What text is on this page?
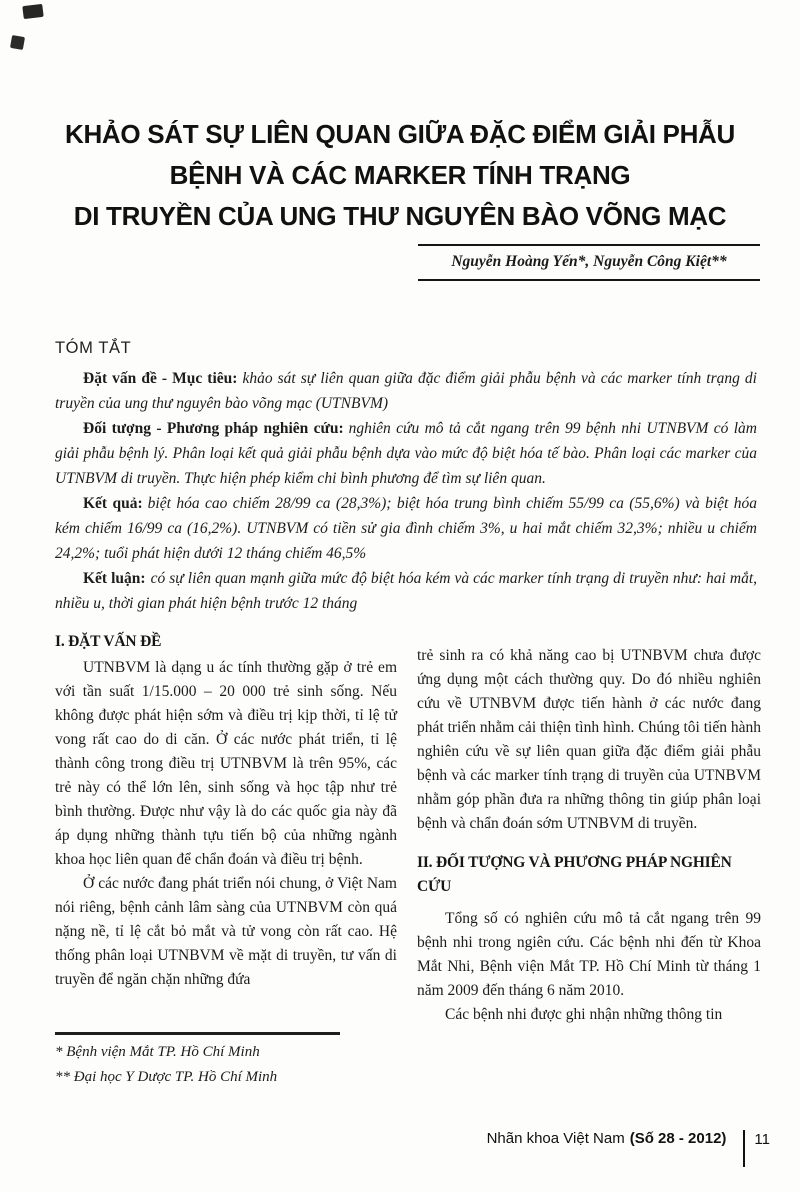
KHẢO SÁT SỰ LIÊN QUAN GIỮA ĐẶC ĐIỂM GIẢI PHẪU
BỆNH VÀ CÁC MARKER TÍNH TRẠNG
DI TRUYỀN CỦA UNG THƯ NGUYÊN BÀO VÕNG MẠC
Nguyễn Hoàng Yến*, Nguyễn Công Kiệt**
TÓM TẮT

Đặt vấn đề - Mục tiêu: khảo sát sự liên quan giữa đặc điểm giải phẫu bệnh và các marker tính trạng di truyền của ung thư nguyên bào võng mạc (UTNBVM)

Đối tượng - Phương pháp nghiên cứu: nghiên cứu mô tả cắt ngang trên 99 bệnh nhi UTNBVM có làm giải phẫu bệnh lý. Phân loại kết quả giải phẫu bệnh dựa vào mức độ biệt hóa tế bào. Phân loại các marker của UTNBVM di truyền. Thực hiện phép kiểm chi bình phương để tìm sự liên quan.

Kết quả: biệt hóa cao chiếm 28/99 ca (28,3%); biệt hóa trung bình chiếm 55/99 ca (55,6%) và biệt hóa kém chiếm 16/99 ca (16,2%). UTNBVM có tiền sử gia đình chiếm 3%, u hai mắt chiếm 32,3%; nhiều u chiếm 24,2%; tuổi phát hiện dưới 12 tháng chiếm 46,5%

Kết luận: có sự liên quan mạnh giữa mức độ biệt hóa kém và các marker tính trạng di truyền như: hai mắt, nhiều u, thời gian phát hiện bệnh trước 12 tháng

I. ĐẶT VẤN ĐỀ

UTNBVM là dạng u ác tính thường gặp ở trẻ em với tần suất 1/15.000 – 20 000 trẻ sinh sống. Nếu không được phát hiện sớm và điều trị kịp thời, tỉ lệ tử vong rất cao do di căn. Ở các nước phát triển, tỉ lệ thành công trong điều trị UTNBVM là trên 95%, các trẻ này có thể lớn lên, sinh sống và học tập như trẻ bình thường. Được như vậy là do các quốc gia này đã áp dụng những thành tựu tiến bộ của những ngành khoa học liên quan để chẩn đoán và điều trị bệnh.

Ở các nước đang phát triển nói chung, ở Việt Nam nói riêng, bệnh cảnh lâm sàng của UTNBVM còn quá nặng nề, tỉ lệ cắt bỏ mắt và tử vong còn rất cao. Hệ thống phân loại UTNBVM về mặt di truyền, tư vấn di truyền để ngăn chặn những đứa

trẻ sinh ra có khả năng cao bị UTNBVM chưa được ứng dụng một cách thường quy. Do đó nhiều nghiên cứu về UTNBVM được tiến hành ở các nước đang phát triển nhằm cải thiện tình hình. Chúng tôi tiến hành nghiên cứu về sự liên quan giữa đặc điểm giải phẫu bệnh và các marker tính trạng di truyền của UTNBVM nhằm góp phần đưa ra những thông tin giúp phân loại bệnh và chẩn đoán sớm UTNBVM di truyền.

II. ĐỐI TƯỢNG VÀ PHƯƠNG PHÁP NGHIÊN CỨU

Tổng số có nghiên cứu mô tả cắt ngang trên 99 bệnh nhi trong ngiên cứu. Các bệnh nhi đến từ Khoa Mắt Nhi, Bệnh viện Mắt TP. Hồ Chí Minh từ tháng 1 năm 2009 đến tháng 6 năm 2010.

Các bệnh nhi được ghi nhận những thông tin

* Bệnh viện Mắt TP. Hồ Chí Minh
** Đại học Y Dược TP. Hồ Chí Minh
Nhãn khoa Việt Nam (Số 28 - 2012) 11
